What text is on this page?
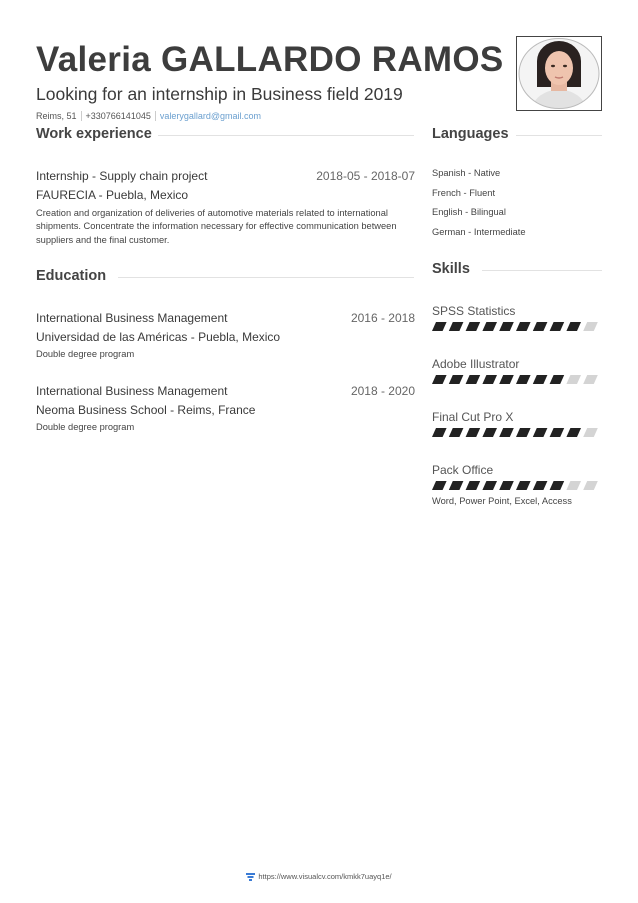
Valeria GALLARDO RAMOS
Looking for an internship in Business field 2019
Reims, 51 +330766141045 valerygallard@gmail.com
Work experience
Internship - Supply chain project	2018-05 - 2018-07
FAURECIA - Puebla, Mexico
Creation and organization of deliveries of automotive materials related to international shipments. Concentrate the information necessary for effective communication between suppliers and the final customer.
Education
International Business Management	2016 - 2018
Universidad de las Américas - Puebla, Mexico
Double degree program
International Business Management	2018 - 2020
Neoma Business School - Reims, France
Double degree program
Languages
Spanish - Native
French - Fluent
English - Bilingual
German - Intermediate
Skills
SPSS Statistics
Adobe Illustrator
Final Cut Pro X
Pack Office
Word, Power Point, Excel, Access
https://www.visualcv.com/kmkk7uayq1e/
